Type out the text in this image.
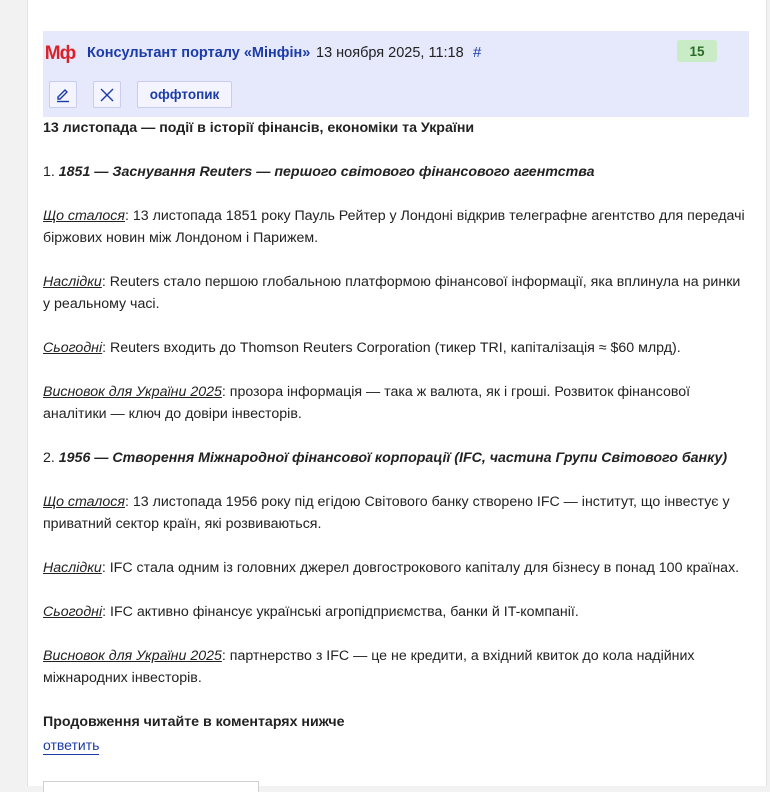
Мф Консультант порталу «Мінфін» 13 ноября 2025, 11:18 #	15
оффтопик

13 листопада — події в історії фінансів, економіки та України

1. 1851 — Заснування Reuters — першого світового фінансового агентства

Що сталося: 13 листопада 1851 року Пауль Рейтер у Лондоні відкрив телеграфне агентство для передачі біржових новин між Лондоном і Парижем.

Наслідки: Reuters стало першою глобальною платформою фінансової інформації, яка вплинула на ринки у реальному часі.

Сьогодні: Reuters входить до Thomson Reuters Corporation (тикер TRI, капіталізація ≈ $60 млрд).

Висновок для України 2025: прозора інформація — така ж валюта, як і гроші. Розвиток фінансової аналітики — ключ до довіри інвесторів.

2. 1956 — Створення Міжнародної фінансової корпорації (IFC, частина Групи Світового банку)

Що сталося: 13 листопада 1956 року під егідою Світового банку створено IFC — інститут, що інвестує у приватний сектор країн, які розвиваються.

Наслідки: IFC стала одним із головних джерел довгострокового капіталу для бізнесу в понад 100 країнах.

Сьогодні: IFC активно фінансує українські агропідприємства, банки й IT-компанії.

Висновок для України 2025: партнерство з IFC — це не кредити, а вхідний квиток до кола надійних міжнародних інвесторів.

Продовження читайте в коментарях нижче

ответить
